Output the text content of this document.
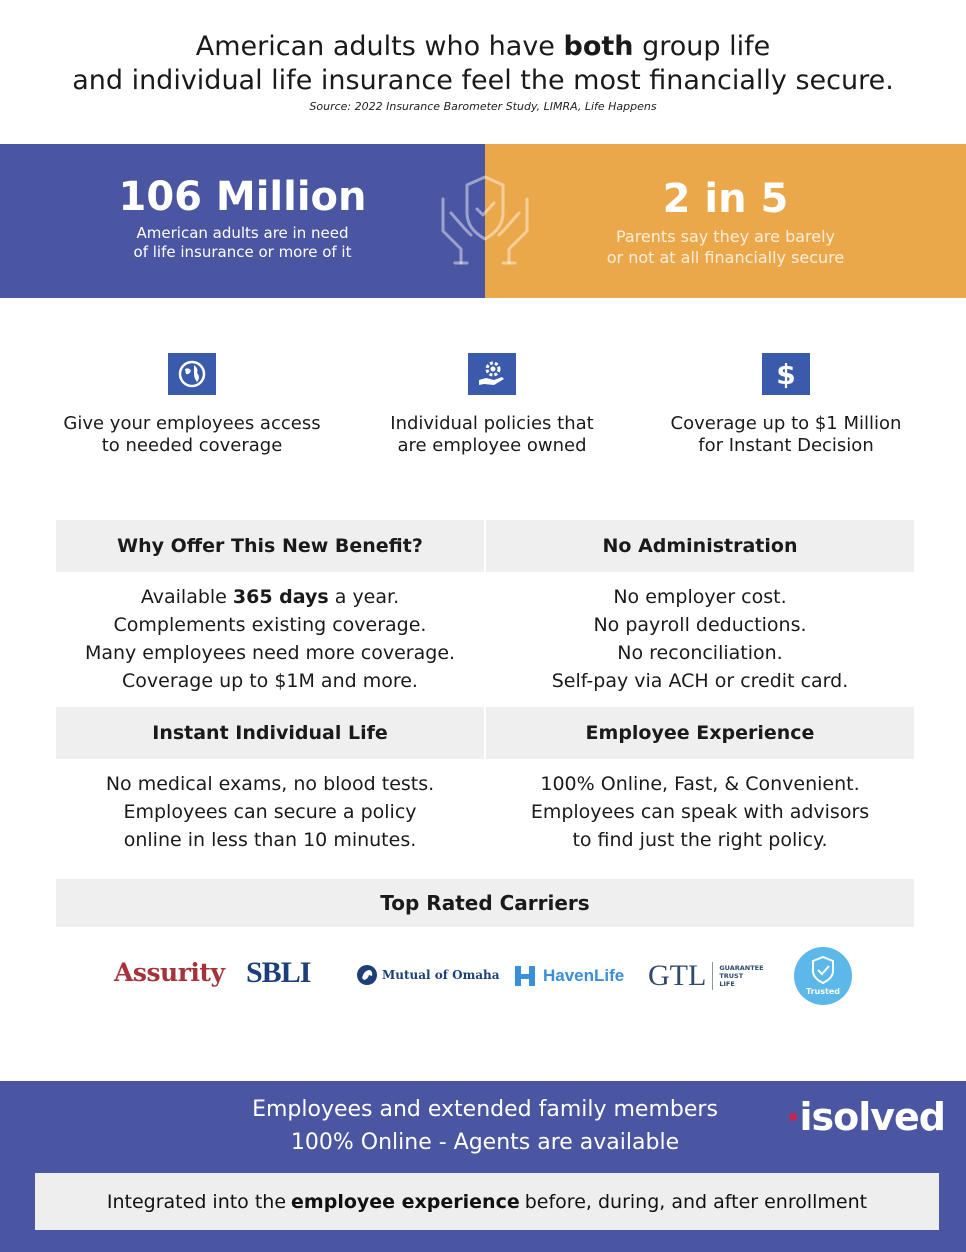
American adults who have both group life
and individual life insurance feel the most financially secure.
Source: 2022 Insurance Barometer Study, LIMRA, Life Happens
106 Million
American adults are in need
of life insurance or more of it
2 in 5
Parents say they are barely
or not at all financially secure
Give your employees access
to needed coverage
Individual policies that
are employee owned
$
Coverage up to $1 Million
for Instant Decision
Why Offer This New Benefit?	No Administration
Available 365 days a year.
Complements existing coverage.
Many employees need more coverage.
Coverage up to $1M and more.
No employer cost.
No payroll deductions.
No reconciliation.
Self-pay via ACH or credit card.
Instant Individual Life	Employee Experience
No medical exams, no blood tests.
Employees can secure a policy
online in less than 10 minutes.
100% Online, Fast, & Convenient.
Employees can speak with advisors
to find just the right policy.
Top Rated Carriers
Assurity SBLI	Mutual of Omaha	HavenLife GTL GUARANTEE
TRUST
LIFE
Trusted
Employees and extended family members
100% Online - Agents are available
·isolved
Integrated into the employee experience before, during, and after enrollment
